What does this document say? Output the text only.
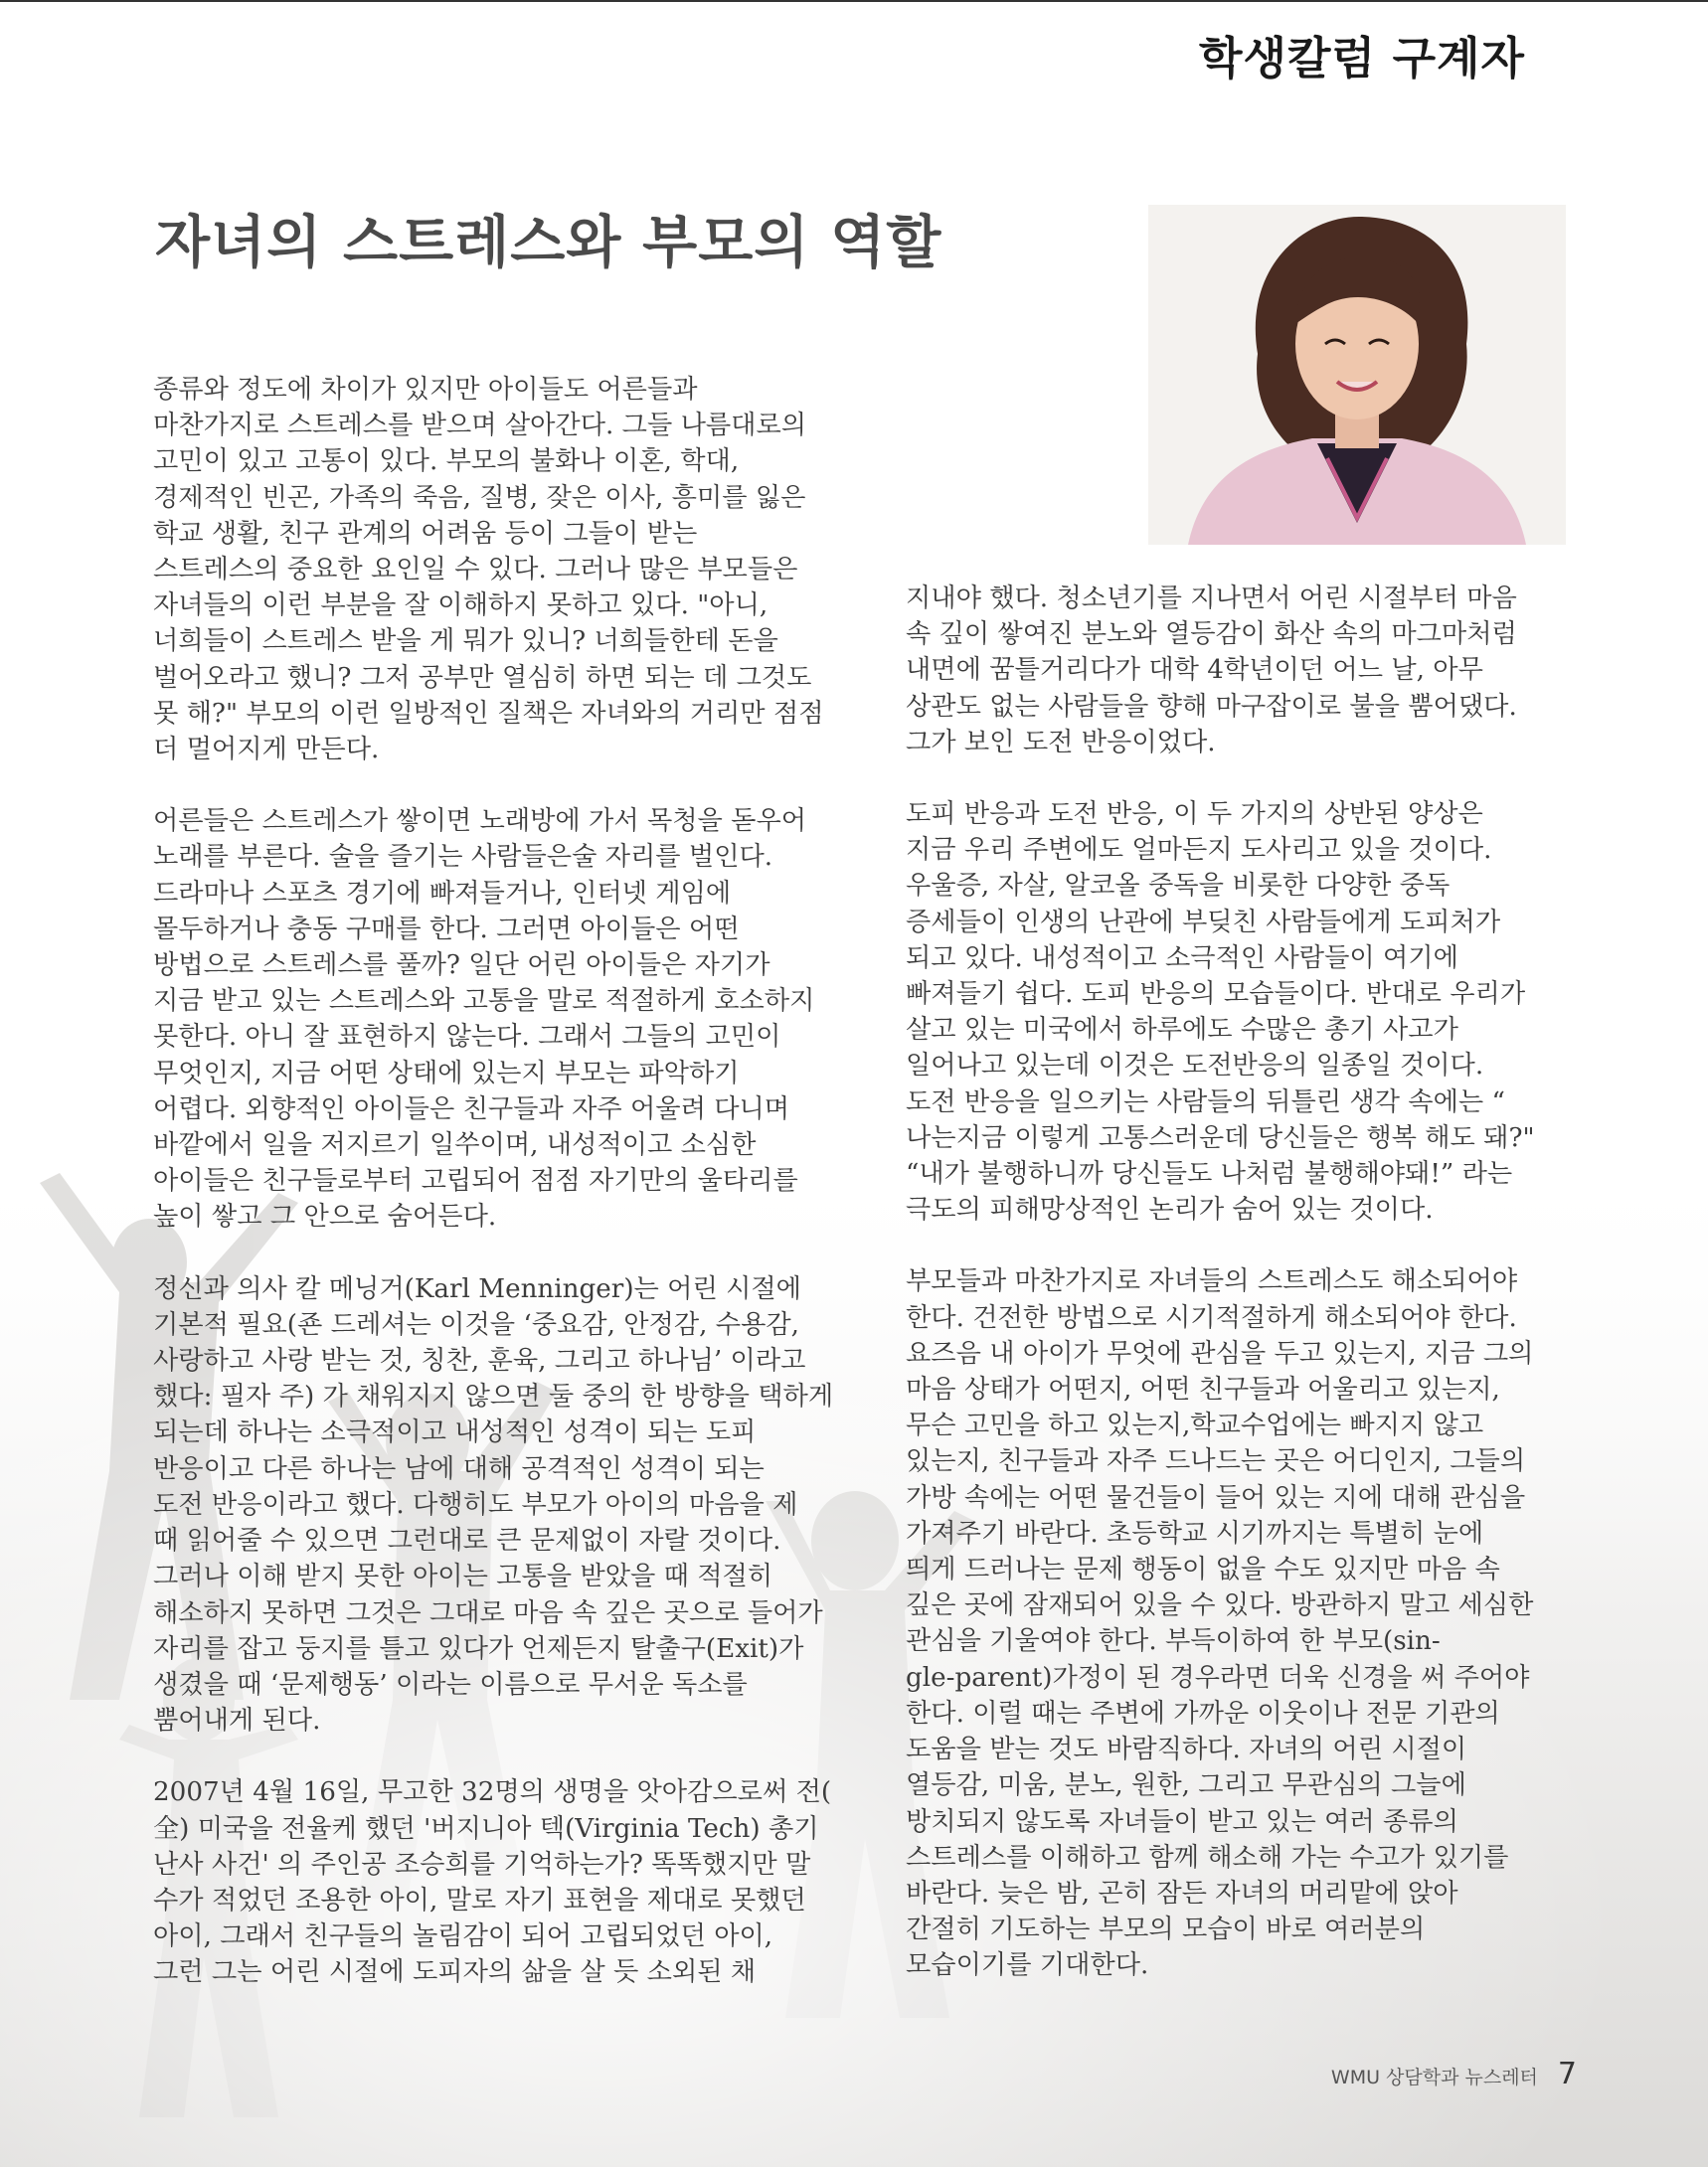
학생칼럼 구계자
자녀의 스트레스와 부모의 역할

종류와 정도에 차이가 있지만 아이들도 어른들과
마찬가지로 스트레스를 받으며 살아간다. 그들 나름대로의
고민이 있고 고통이 있다. 부모의 불화나 이혼, 학대,
경제적인 빈곤, 가족의 죽음, 질병, 잦은 이사, 흥미를 잃은
학교 생활, 친구 관계의 어려움 등이 그들이 받는
스트레스의 중요한 요인일 수 있다. 그러나 많은 부모들은
자녀들의 이런 부분을 잘 이해하지 못하고 있다. "아니,
너희들이 스트레스 받을 게 뭐가 있니? 너희들한테 돈을
벌어오라고 했니? 그저 공부만 열심히 하면 되는 데 그것도
못 해?" 부모의 이런 일방적인 질책은 자녀와의 거리만 점점
더 멀어지게 만든다.

어른들은 스트레스가 쌓이면 노래방에 가서 목청을 돋우어
노래를 부른다. 술을 즐기는 사람들은술 자리를 벌인다.
드라마나 스포츠 경기에 빠져들거나, 인터넷 게임에
몰두하거나 충동 구매를 한다. 그러면 아이들은 어떤
방법으로 스트레스를 풀까? 일단 어린 아이들은 자기가
지금 받고 있는 스트레스와 고통을 말로 적절하게 호소하지
못한다. 아니 잘 표현하지 않는다. 그래서 그들의 고민이
무엇인지, 지금 어떤 상태에 있는지 부모는 파악하기
어렵다. 외향적인 아이들은 친구들과 자주 어울려 다니며
바깥에서 일을 저지르기 일쑤이며, 내성적이고 소심한
아이들은 친구들로부터 고립되어 점점 자기만의 울타리를
높이 쌓고 그 안으로 숨어든다.

정신과 의사 칼 메닝거(Karl Menninger)는 어린 시절에
기본적 필요(죤 드레셔는 이것을 ‘중요감, 안정감, 수용감,
사랑하고 사랑 받는 것, 칭찬, 훈육, 그리고 하나님’ 이라고
했다: 필자 주) 가 채워지지 않으면 둘 중의 한 방향을 택하게
되는데 하나는 소극적이고 내성적인 성격이 되는 도피
반응이고 다른 하나는 남에 대해 공격적인 성격이 되는
도전 반응이라고 했다. 다행히도 부모가 아이의 마음을 제
때 읽어줄 수 있으면 그런대로 큰 문제없이 자랄 것이다.
그러나 이해 받지 못한 아이는 고통을 받았을 때 적절히
해소하지 못하면 그것은 그대로 마음 속 깊은 곳으로 들어가
자리를 잡고 둥지를 틀고 있다가 언제든지 탈출구(Exit)가
생겼을 때 ‘문제행동’ 이라는 이름으로 무서운 독소를
뿜어내게 된다.

2007년 4월 16일, 무고한 32명의 생명을 앗아감으로써 전(
全) 미국을 전율케 했던 '버지니아 텍(Virginia Tech) 총기
난사 사건' 의 주인공 조승희를 기억하는가? 똑똑했지만 말
수가 적었던 조용한 아이, 말로 자기 표현을 제대로 못했던
아이, 그래서 친구들의 놀림감이 되어 고립되었던 아이,
그런 그는 어린 시절에 도피자의 삶을 살 듯 소외된 채

지내야 했다. 청소년기를 지나면서 어린 시절부터 마음
속 깊이 쌓여진 분노와 열등감이 화산 속의 마그마처럼
내면에 꿈틀거리다가 대학 4학년이던 어느 날, 아무
상관도 없는 사람들을 향해 마구잡이로 불을 뿜어댔다.
그가 보인 도전 반응이었다.

도피 반응과 도전 반응, 이 두 가지의 상반된 양상은
지금 우리 주변에도 얼마든지 도사리고 있을 것이다.
우울증, 자살, 알코올 중독을 비롯한 다양한 중독
증세들이 인생의 난관에 부딪친 사람들에게 도피처가
되고 있다. 내성적이고 소극적인 사람들이 여기에
빠져들기 쉽다. 도피 반응의 모습들이다. 반대로 우리가
살고 있는 미국에서 하루에도 수많은 총기 사고가
일어나고 있는데 이것은 도전반응의 일종일 것이다.
도전 반응을 일으키는 사람들의 뒤틀린 생각 속에는 “
나는지금 이렇게 고통스러운데 당신들은 행복 해도 돼?"
“내가 불행하니까 당신들도 나처럼 불행해야돼!” 라는
극도의 피해망상적인 논리가 숨어 있는 것이다.

부모들과 마찬가지로 자녀들의 스트레스도 해소되어야
한다. 건전한 방법으로 시기적절하게 해소되어야 한다.
요즈음 내 아이가 무엇에 관심을 두고 있는지, 지금 그의
마음 상태가 어떤지, 어떤 친구들과 어울리고 있는지,
무슨 고민을 하고 있는지,학교수업에는 빠지지 않고
있는지, 친구들과 자주 드나드는 곳은 어디인지, 그들의
가방 속에는 어떤 물건들이 들어 있는 지에 대해 관심을
가져주기 바란다. 초등학교 시기까지는 특별히 눈에
띄게 드러나는 문제 행동이 없을 수도 있지만 마음 속
깊은 곳에 잠재되어 있을 수 있다. 방관하지 말고 세심한
관심을 기울여야 한다. 부득이하여 한 부모(sin-
gle-parent)가정이 된 경우라면 더욱 신경을 써 주어야
한다. 이럴 때는 주변에 가까운 이웃이나 전문 기관의
도움을 받는 것도 바람직하다. 자녀의 어린 시절이
열등감, 미움, 분노, 원한, 그리고 무관심의 그늘에
방치되지 않도록 자녀들이 받고 있는 여러 종류의
스트레스를 이해하고 함께 해소해 가는 수고가 있기를
바란다. 늦은 밤, 곤히 잠든 자녀의 머리맡에 앉아
간절히 기도하는 부모의 모습이 바로 여러분의
모습이기를 기대한다.

WMU 상담학과 뉴스레터 7
